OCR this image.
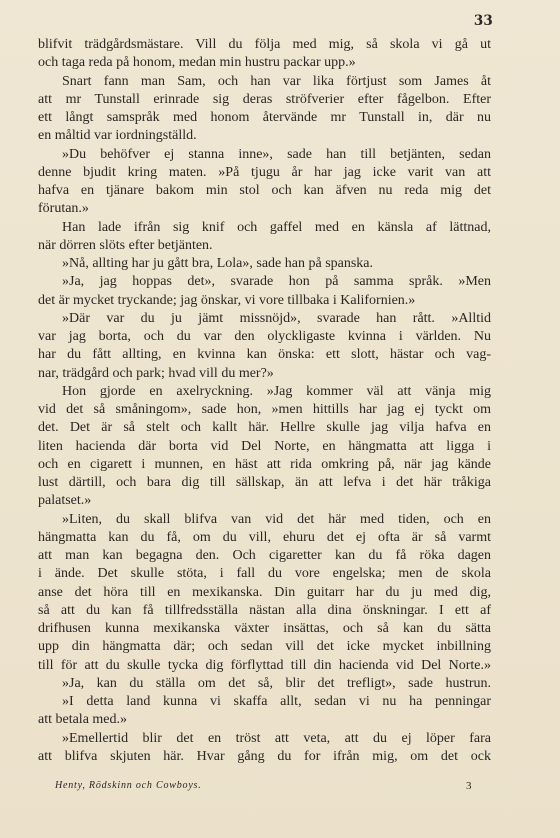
33
blifvit trädgårdsmästare. Vill du följa med mig, så skola vi gå ut
och taga reda på honom, medan min hustru packar upp.»
Snart fann man Sam, och han var lika förtjust som James åt
att mr Tunstall erinrade sig deras ströfverier efter fågelbon. Efter
ett långt samspråk med honom återvände mr Tunstall in, där nu
en måltid var iordningställd.
»Du behöfver ej stanna inne», sade han till betjänten, sedan
denne bjudit kring maten. »På tjugu år har jag icke varit van att
hafva en tjänare bakom min stol och kan äfven nu reda mig det
förutan.»
Han lade ifrån sig knif och gaffel med en känsla af lättnad,
när dörren slöts efter betjänten.
»Nå, allting har ju gått bra, Lola», sade han på spanska.
»Ja, jag hoppas det», svarade hon på samma språk. »Men
det är mycket tryckande; jag önskar, vi vore tillbaka i Kalifornien.»
»Där var du ju jämt missnöjd», svarade han rått. »Alltid
var jag borta, och du var den olyckligaste kvinna i världen. Nu
har du fått allting, en kvinna kan önska: ett slott, hästar och vag-
nar, trädgård och park; hvad vill du mer?»
Hon gjorde en axelryckning. »Jag kommer väl att vänja mig
vid det så småningom», sade hon, »men hittills har jag ej tyckt om
det. Det är så stelt och kallt här. Hellre skulle jag vilja hafva en
liten hacienda där borta vid Del Norte, en hängmatta att ligga i
och en cigarett i munnen, en häst att rida omkring på, när jag kände
lust därtill, och bara dig till sällskap, än att lefva i det här tråkiga
palatset.»
»Liten, du skall blifva van vid det här med tiden, och en
hängmatta kan du få, om du vill, ehuru det ej ofta är så varmt
att man kan begagna den. Och cigaretter kan du få röka dagen
i ände. Det skulle stöta, i fall du vore engelska; men de skola
anse det höra till en mexikanska. Din guitarr har du ju med dig,
så att du kan få tillfredsställa nästan alla dina önskningar. I ett af
drifhusen kunna mexikanska växter insättas, och så kan du sätta
upp din hängmatta där; och sedan vill det icke mycket inbillning
till för att du skulle tycka dig förflyttad till din hacienda vid Del Norte.»
»Ja, kan du ställa om det så, blir det trefligt», sade hustrun.
»I detta land kunna vi skaffa allt, sedan vi nu ha penningar
att betala med.»
»Emellertid blir det en tröst att veta, att du ej löper fara
att blifva skjuten här. Hvar gång du for ifrån mig, om det ock
Henty, Rödskinn och Cowboys.	3
